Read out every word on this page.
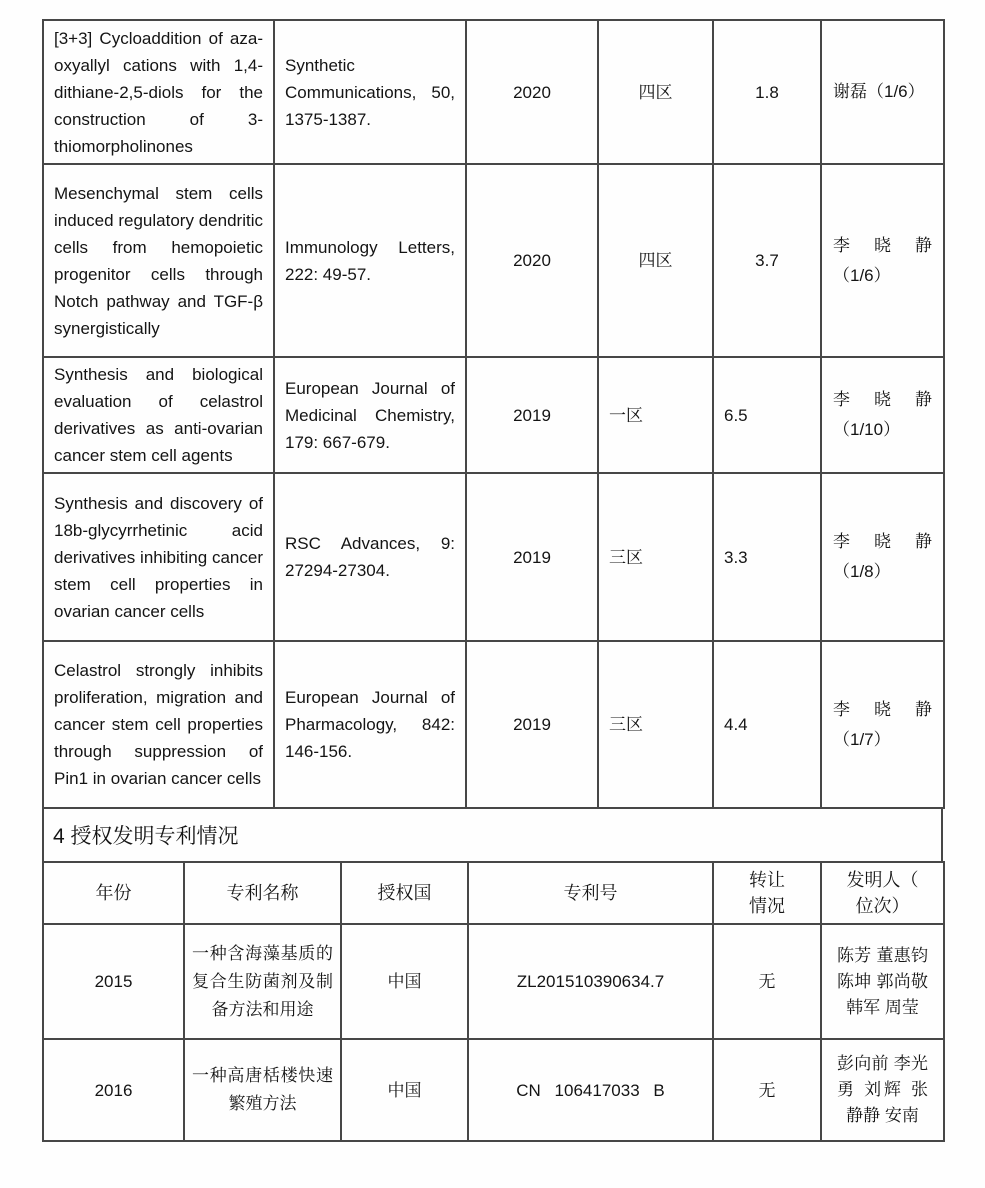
[3+3] Cycloaddition of aza-oxyallyl cations with 1,4-dithiane-2,5-diols for the construction of 3-thiomorpholinones	Synthetic Communications, 50, 1375-1387.	2020	四区	1.8	谢磊（1/6）
Mesenchymal stem cells induced regulatory dendritic cells from hemopoietic progenitor cells through Notch pathway and TGF-β synergistically	Immunology Letters, 222: 49-57.	2020	四区	3.7	李晓静（1/6）
Synthesis and biological evaluation of celastrol derivatives as anti-ovarian cancer stem cell agents	European Journal of Medicinal Chemistry, 179: 667-679.	2019	一区	6.5	李晓静（1/10）
Synthesis and discovery of 18b-glycyrrhetinic acid derivatives inhibiting cancer stem cell properties in ovarian cancer cells	RSC Advances, 9: 27294-27304.	2019	三区	3.3	李晓静（1/8）
Celastrol strongly inhibits proliferation, migration and cancer stem cell properties through suppression of Pin1 in ovarian cancer cells	European Journal of Pharmacology, 842: 146-156.	2019	三区	4.4	李晓静（1/7）
4 授权发明专利情况
年份	专利名称	授权国	专利号	转让情况	发明人（位次）
2015	一种含海藻基质的复合生防菌剂及制备方法和用途	中国	ZL201510390634.7	无	陈芳 董惠钧 陈坤 郭尚敬 韩军 周莹
2016	一种高唐栝楼快速繁殖方法	中国	CN 106417033 B	无	彭向前 李光勇 刘辉 张静静 安南
